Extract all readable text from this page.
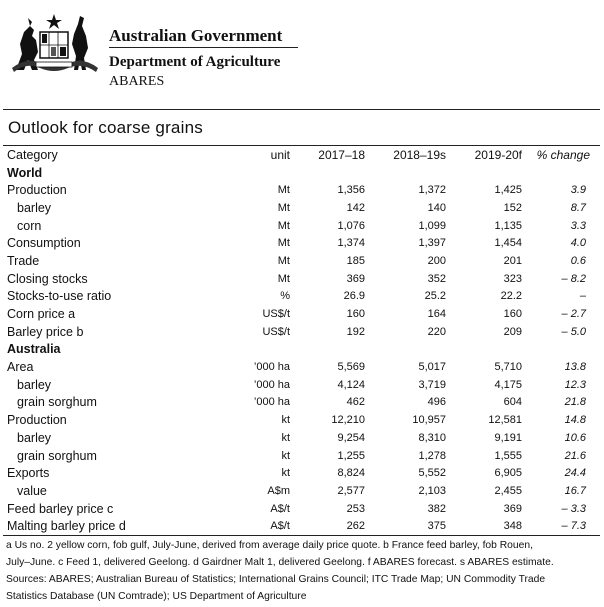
Australian Government
Department of Agriculture
ABARES
Outlook for coarse grains
Category	unit	2017–18	2018–19s	2019-20f	% change
World					
Production	Mt	1,356	1,372	1,425	3.9
barley	Mt	142	140	152	8.7
corn	Mt	1,076	1,099	1,135	3.3
Consumption	Mt	1,374	1,397	1,454	4.0
Trade	Mt	185	200	201	0.6
Closing stocks	Mt	369	352	323	– 8.2
Stocks-to-use ratio	%	26.9	25.2	22.2	–
Corn price a	US$/t	160	164	160	– 2.7
Barley price b	US$/t	192	220	209	– 5.0
Australia					
Area	’000 ha	5,569	5,017	5,710	13.8
barley	’000 ha	4,124	3,719	4,175	12.3
grain sorghum	’000 ha	462	496	604	21.8
Production	kt	12,210	10,957	12,581	14.8
barley	kt	9,254	8,310	9,191	10.6
grain sorghum	kt	1,255	1,278	1,555	21.6
Exports	kt	8,824	5,552	6,905	24.4
value	A$m	2,577	2,103	2,455	16.7
Feed barley price c	A$/t	253	382	369	– 3.3
Malting barley price d	A$/t	262	375	348	– 7.3
a Us no. 2 yellow corn, fob gulf, July-June, derived from average daily price quote. b France feed barley, fob Rouen,
July–June. c Feed 1, delivered Geelong. d Gairdner Malt 1, delivered Geelong. f ABARES forecast. s ABARES estimate.
Sources: ABARES; Australian Bureau of Statistics; International Grains Council; ITC Trade Map; UN Commodity Trade
Statistics Database (UN Comtrade); US Department of Agriculture
